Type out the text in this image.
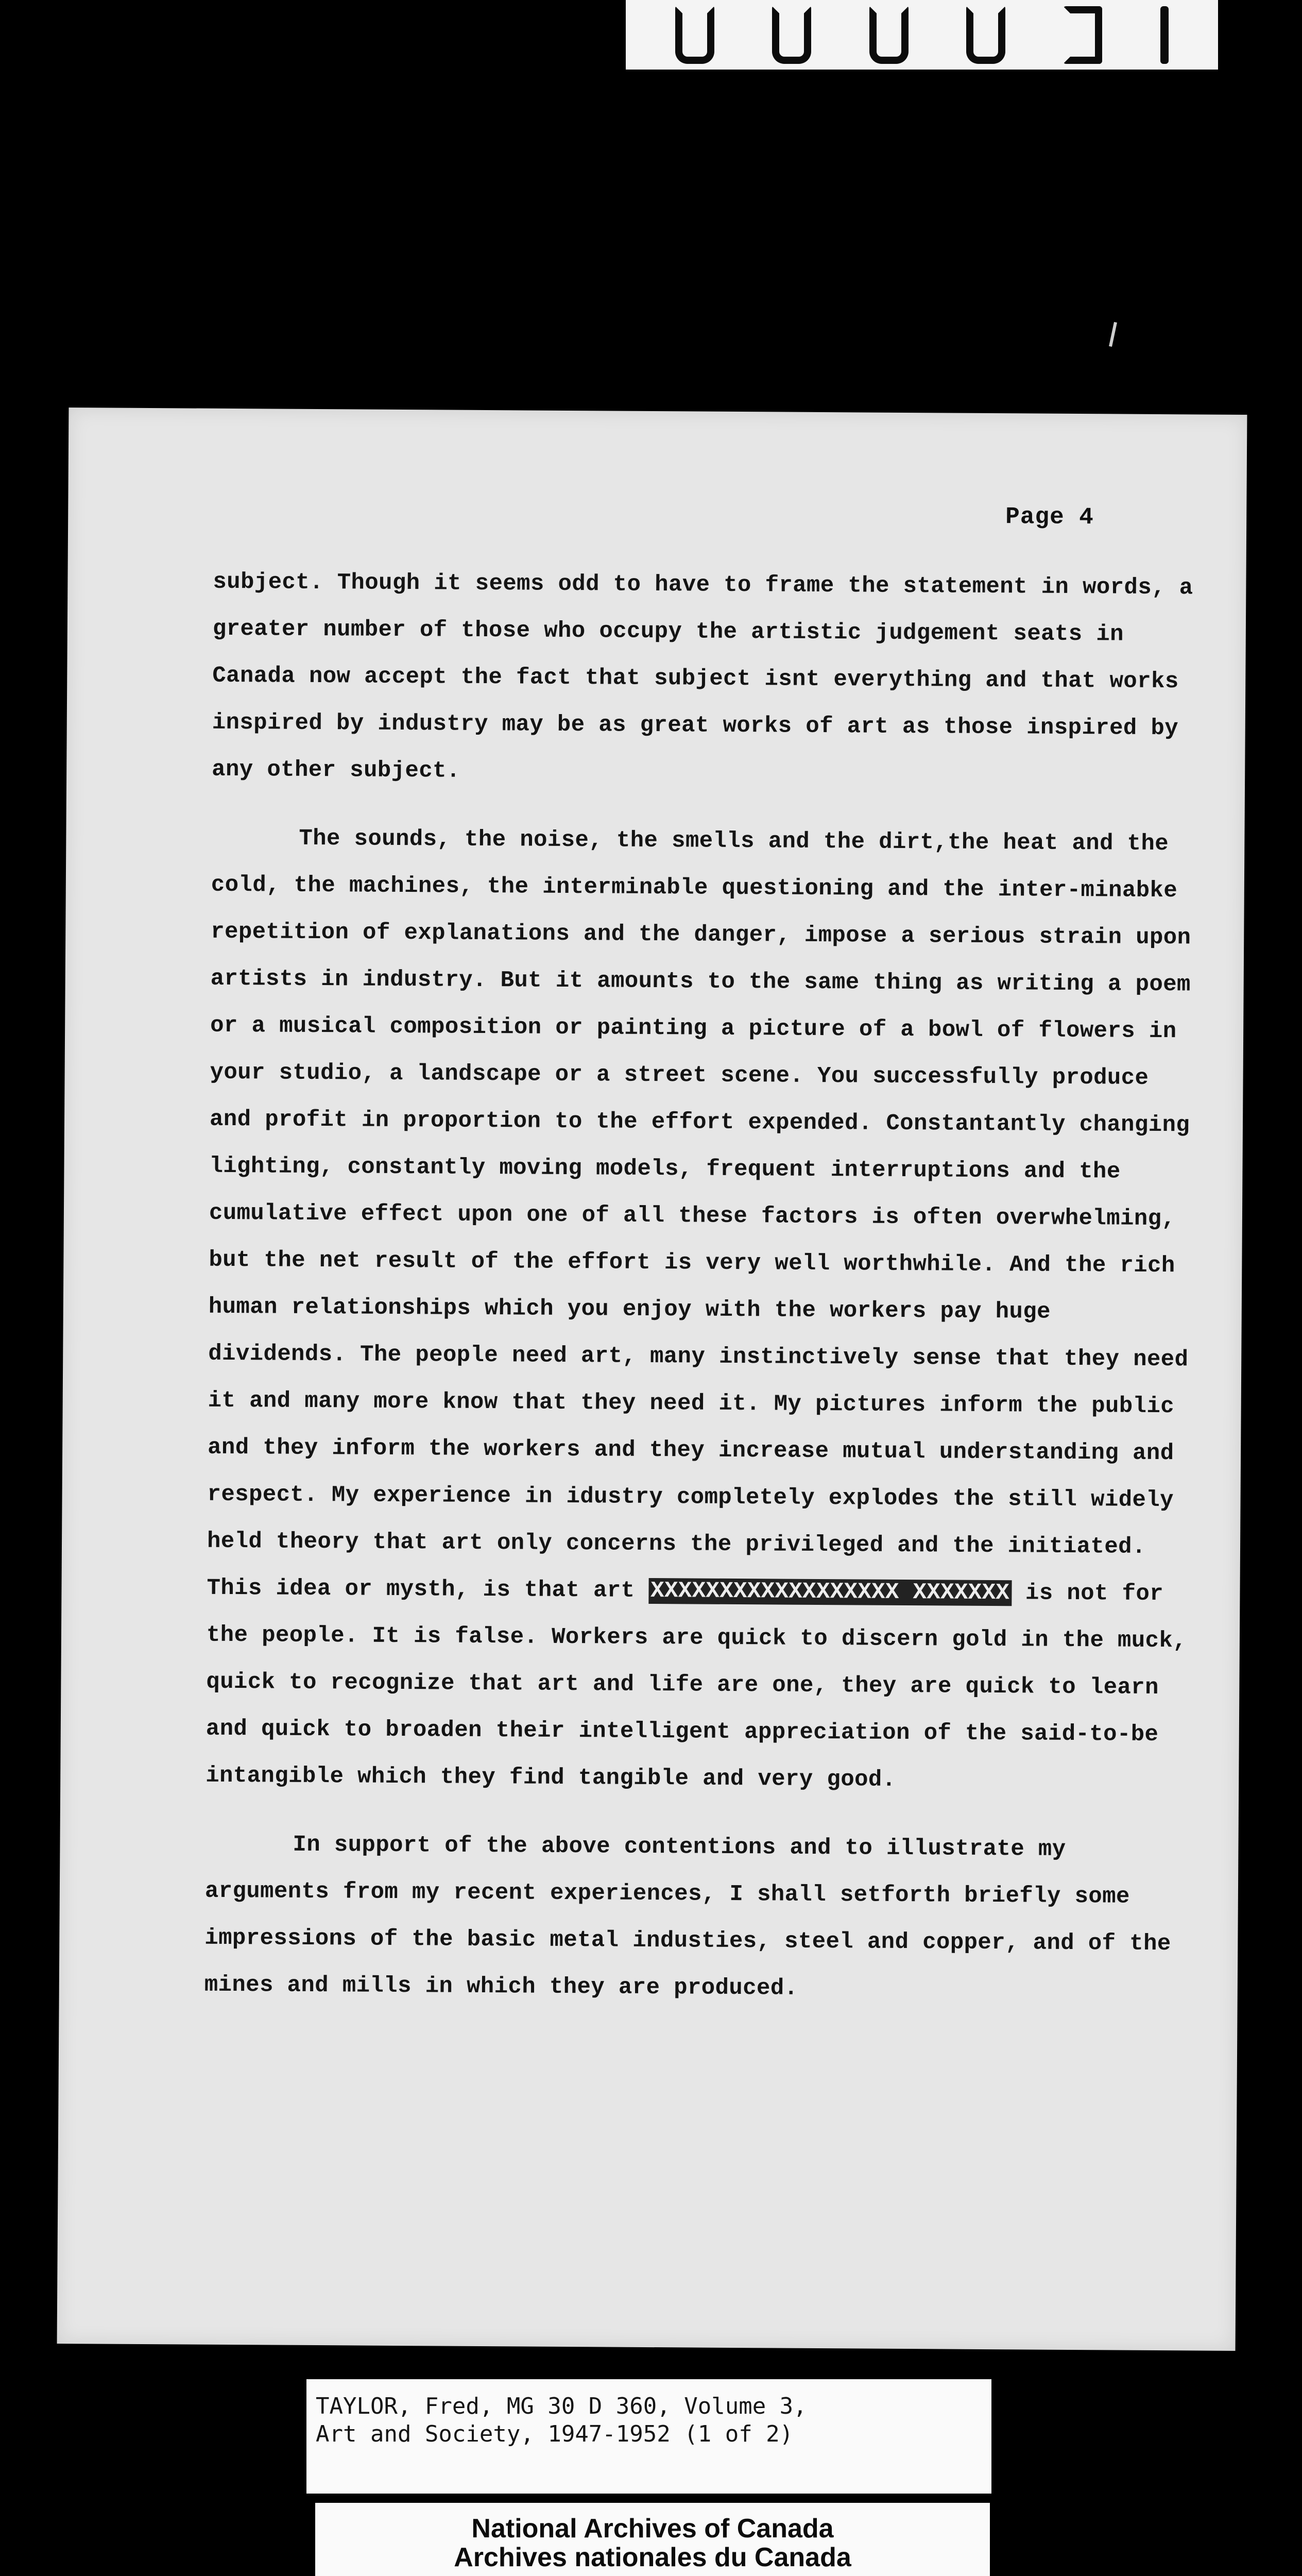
Page 4

subject. Though it seems odd to have to frame the statement in words, a greater number of those who occupy the artistic judgement seats in Canada now accept the fact that subject isnt everything and that works inspired by industry may be as great works of art as those inspired by any other subject.

The sounds, the noise, the smells and the dirt,the heat and the cold, the machines, the interminable questioning and the inter-minabke repetition of explanations and the danger, impose a serious strain upon artists in industry. But it amounts to the same thing as writing a poem or a musical composition or painting a picture of a bowl of flowers in your studio, a landscape or a street scene. You successfully produce and profit in proportion to the effort expended. Constantantly changing lighting, constantly moving models, frequent interruptions and the cumulative effect upon one of all these factors is often overwhelming, but the net result of the effort is very well worthwhile. And the rich human relationships which you enjoy with the workers pay huge dividends. The people need art, many instinctively sense that they need it and many more know that they need it. My pictures inform the public and they inform the workers and they increase mutual understanding and respect. My experience in idustry completely explodes the still widely held theory that art only concerns the privileged and the initiated. This idea or mysth, is that art XXXXXXXXXXXXXXXXXX XXXXXXX is not for the people. It is false. Workers are quick to discern gold in the muck, quick to recognize that art and life are one, they are quick to learn and quick to broaden their intelligent appreciation of the said-to-be intangible which they find tangible and very good.

In support of the above contentions and to illustrate my arguments from my recent experiences, I shall setforth briefly some impressions of the basic metal industies, steel and copper, and of the mines and mills in which they are produced.

TAYLOR, Fred, MG 30 D 360, Volume 3,
Art and Society, 1947-1952 (1 of 2)
National Archives of Canada
Archives nationales du Canada
